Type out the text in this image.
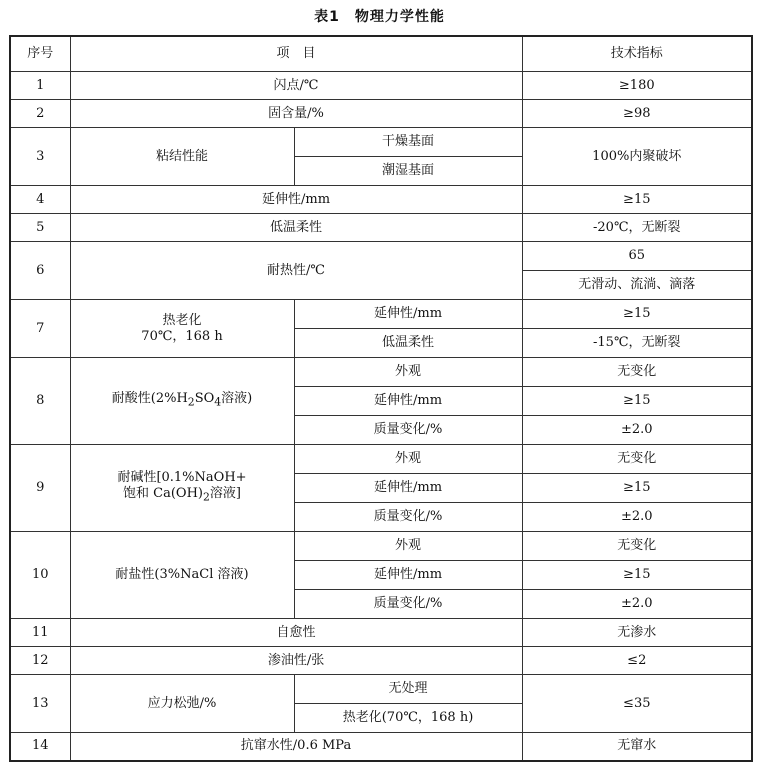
表1　物理力学性能
序号	项　目		技术指标
1	闪点/℃		≥180
2	固含量/%		≥98
3	粘结性能	干燥基面	100%内聚破坏
		潮湿基面	
4	延伸性/mm		≥15
5	低温柔性		-20℃，无断裂
6	耐热性/℃		65
			无滑动、流淌、滴落
7	热老化
70℃，168 h	延伸性/mm	≥15
		低温柔性	-15℃，无断裂
8	耐酸性($2\%H_2SO_4$溶液)	外观	无变化
		延伸性/mm	≥15
		质量变化/%	±2.0
9	耐碱性[0.1%NaOH+
饱和 $Ca(OH)_2$溶液]	外观	无变化
		延伸性/mm	≥15
		质量变化/%	±2.0
10	耐盐性(3%NaCl 溶液)	外观	无变化
		延伸性/mm	≥15
		质量变化/%	±2.0
11	自愈性		无渗水
12	渗油性/张		≤2
13	应力松弛/%	无处理	≤35
		热老化(70℃，168 h)	
14	抗窜水性/0.6 MPa		无窜水
